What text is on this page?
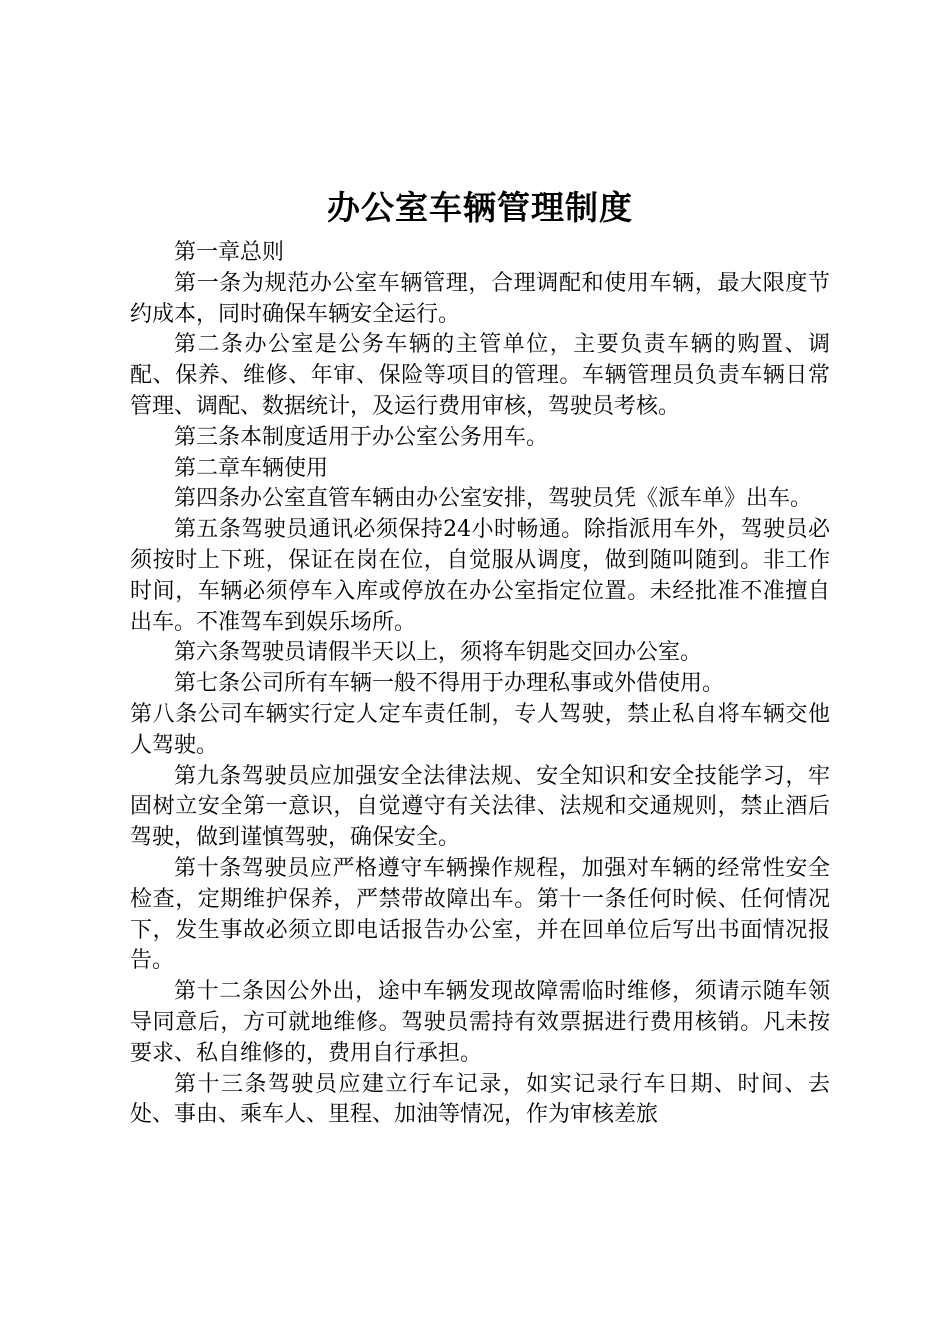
办公室车辆管理制度

第一章总则

第一条为规范办公室车辆管理，合理调配和使用车辆，最大限度节约成本，同时确保车辆安全运行。

第二条办公室是公务车辆的主管单位，主要负责车辆的购置、调配、保养、维修、年审、保险等项目的管理。车辆管理员负责车辆日常管理、调配、数据统计，及运行费用审核，驾驶员考核。

第三条本制度适用于办公室公务用车。

第二章车辆使用

第四条办公室直管车辆由办公室安排，驾驶员凭《派车单》出车。

第五条驾驶员通讯必须保持24小时畅通。除指派用车外，驾驶员必须按时上下班，保证在岗在位，自觉服从调度，做到随叫随到。非工作时间，车辆必须停车入库或停放在办公室指定位置。未经批准不准擅自出车。不准驾车到娱乐场所。

第六条驾驶员请假半天以上，须将车钥匙交回办公室。

第七条公司所有车辆一般不得用于办理私事或外借使用。

第八条公司车辆实行定人定车责任制，专人驾驶，禁止私自将车辆交他人驾驶。

第九条驾驶员应加强安全法律法规、安全知识和安全技能学习，牢固树立安全第一意识，自觉遵守有关法律、法规和交通规则，禁止酒后驾驶，做到谨慎驾驶，确保安全。

第十条驾驶员应严格遵守车辆操作规程，加强对车辆的经常性安全检查，定期维护保养，严禁带故障出车。第十一条任何时候、任何情况下，发生事故必须立即电话报告办公室，并在回单位后写出书面情况报告。

第十二条因公外出，途中车辆发现故障需临时维修，须请示随车领导同意后，方可就地维修。驾驶员需持有效票据进行费用核销。凡未按要求、私自维修的，费用自行承担。

第十三条驾驶员应建立行车记录，如实记录行车日期、时间、去处、事由、乘车人、里程、加油等情况，作为审核差旅
